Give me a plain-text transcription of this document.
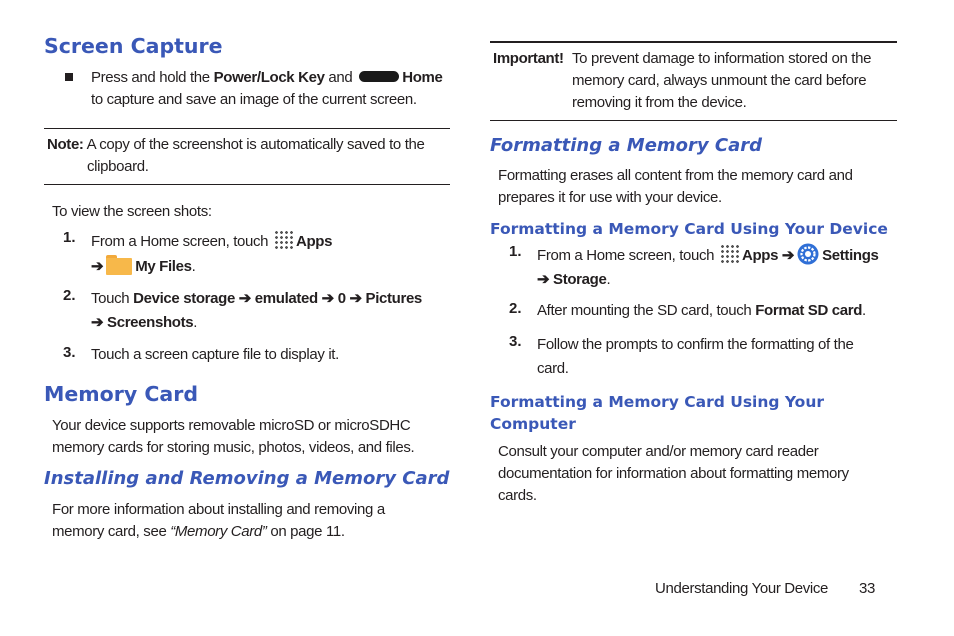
Screen Capture
Press and hold the Power/Lock Key and	Home
to capture and save an image of the current screen.
Note: A copy of the screenshot is automatically saved to the
clipboard.
To view the screen shots:
1. From a Home screen, touch Apps
➔ My Files.
2. Touch Device storage ➔ emulated ➔ 0 ➔ Pictures
➔ Screenshots.
3. Touch a screen capture file to display it.
Memory Card
Your device supports removable microSD or microSDHC
memory cards for storing music, photos, videos, and files.
Installing and Removing a Memory Card
For more information about installing and removing a
memory card, see “Memory Card” on page 11.
Important! To prevent damage to information stored on the
memory card, always unmount the card before
removing it from the device.
Formatting a Memory Card
Formatting erases all content from the memory card and
prepares it for use with your device.
Formatting a Memory Card Using Your Device
1. From a Home screen, touch Apps ➔ Settings
➔ Storage.
2. After mounting the SD card, touch Format SD card.
3. Follow the prompts to confirm the formatting of the
card.
Formatting a Memory Card Using Your
Computer
Consult your computer and/or memory card reader
documentation for information about formatting memory
cards.
Understanding Your Device 33
